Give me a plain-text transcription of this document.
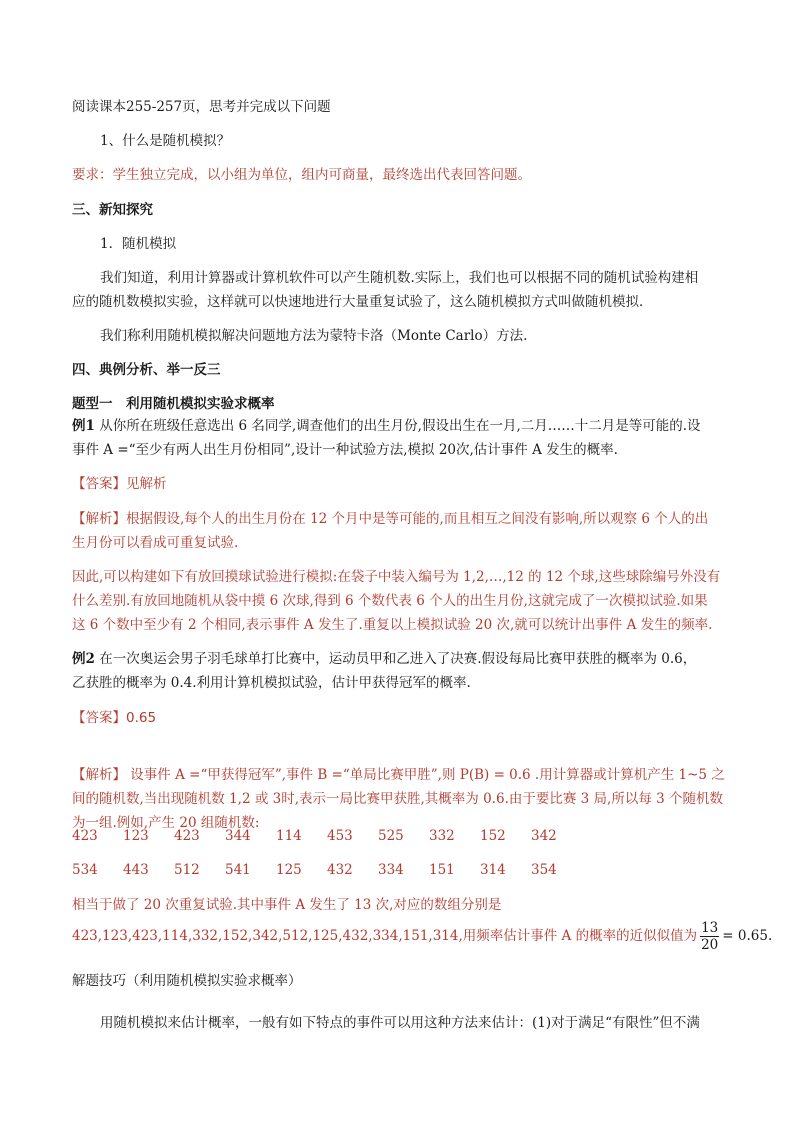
阅读课本255-257页，思考并完成以下问题
1、什么是随机模拟？
要求：学生独立完成，以小组为单位，组内可商量，最终选出代表回答问题。
三、新知探究
1．随机模拟
我们知道，利用计算器或计算机软件可以产生随机数.实际上，我们也可以根据不同的随机试验构建相
应的随机数模拟实验，这样就可以快速地进行大量重复试验了，这么随机模拟方式叫做随机模拟．
我们称利用随机模拟解决问题地方法为蒙特卡洛（Monte Carlo）方法.
四、典例分析、举一反三
题型一　利用随机模拟实验求概率
例1 从你所在班级任意选出 6 名同学,调查他们的出生月份,假设出生在一月,二月……十二月是等可能的.设
事件 A =“至少有两人出生月份相同”,设计一种试验方法,模拟 20次,估计事件 A 发生的概率.
【答案】见解析
【解析】根据假设,每个人的出生月份在 12 个月中是等可能的,而且相互之间没有影响,所以观察 6 个人的出
生月份可以看成可重复试验.
因此,可以构建如下有放回摸球试验进行模拟:在袋子中装入编号为 1,2,…,12 的 12 个球,这些球除编号外没有
什么差别.有放回地随机从袋中摸 6 次球,得到 6 个数代表 6 个人的出生月份,这就完成了一次模拟试验.如果
这 6 个数中至少有 2 个相同,表示事件 A 发生了.重复以上模拟试验 20 次,就可以统计出事件 A 发生的频率.
例2 在一次奥运会男子羽毛球单打比赛中，运动员甲和乙进入了决赛.假设每局比赛甲获胜的概率为 0.6，
乙获胜的概率为 0.4.利用计算机模拟试验，估计甲获得冠军的概率.
【答案】0.65
【解析】 设事件 A =“甲获得冠军”,事件 B =“单局比赛甲胜”,则 P(B) = 0.6 .用计算器或计算机产生 1~5 之
间的随机数,当出现随机数 1,2 或 3时,表示一局比赛甲获胜,其概率为 0.6.由于要比赛 3 局,所以每 3 个随机数
为一组.例如,产生 20 组随机数:
423 123 423 344 114 453 525 332 152 342
534 443 512 541 125 432 334 151 314 354
相当于做了 20 次重复试验.其中事件 A 发生了 13 次,对应的数组分别是
423,123,423,114,332,152,342,512,125,432,334,151,314,用频率估计事件 A 的概率的近似似值为 $\frac{13}{20} = 0.65$.
解题技巧（利用随机模拟实验求概率）
用随机模拟来估计概率，一般有如下特点的事件可以用这种方法来估计：(1)对于满足“有限性”但不满
